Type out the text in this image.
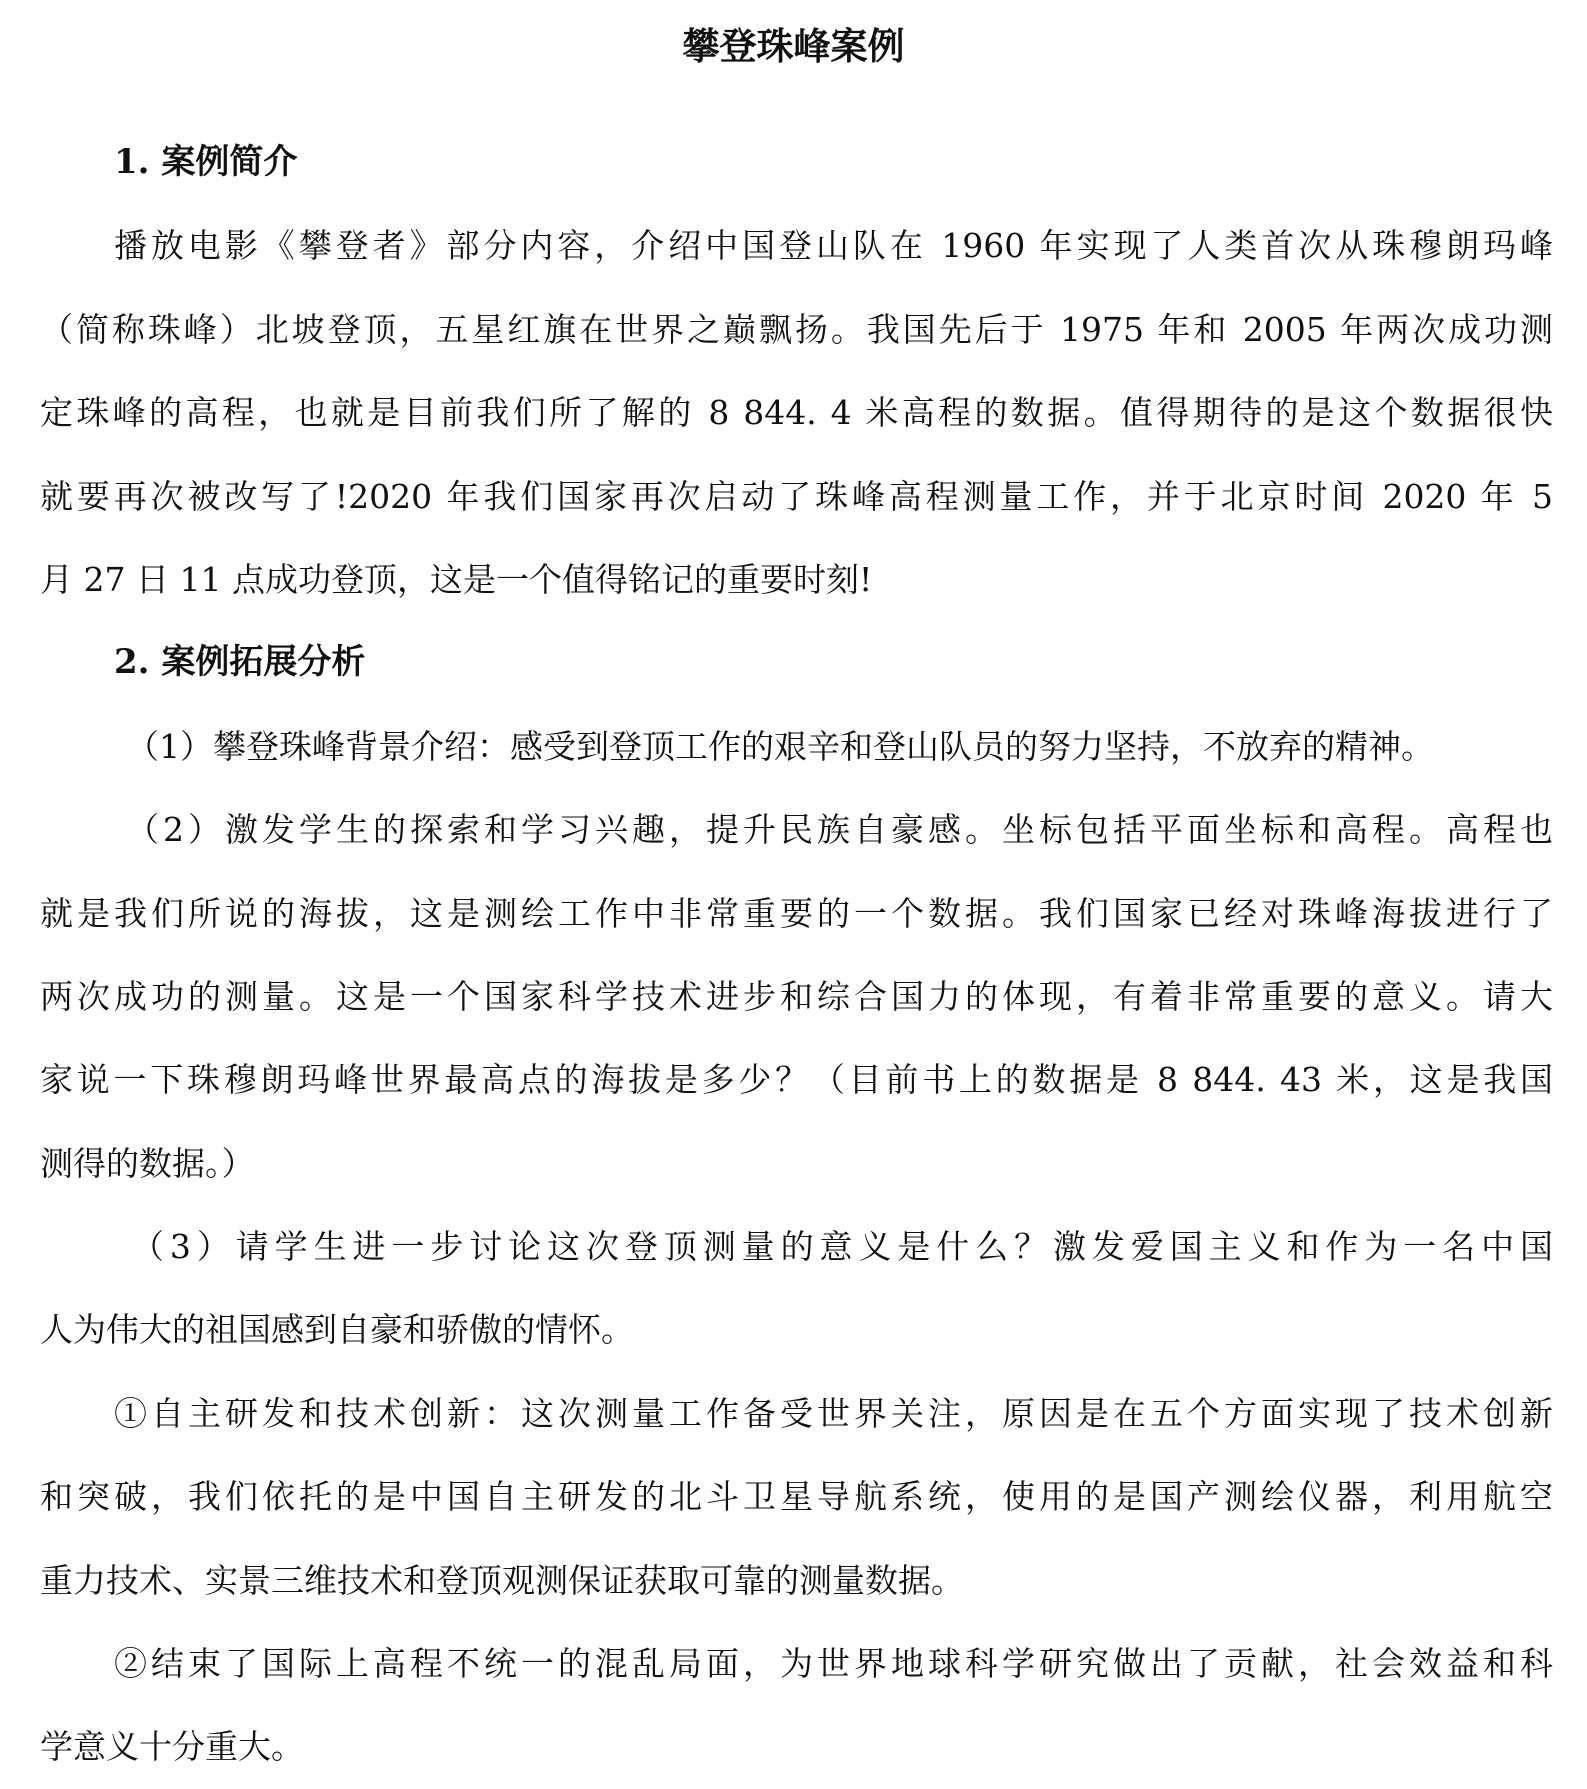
攀登珠峰案例
1. 案例简介
播放电影《攀登者》部分内容，介绍中国登山队在 1960 年实现了人类首次从珠穆朗玛峰
（简称珠峰）北坡登顶，五星红旗在世界之巅飘扬。我国先后于 1975 年和 2005 年两次成功测
定珠峰的高程，也就是目前我们所了解的 8 844. 4 米高程的数据。值得期待的是这个数据很快
就要再次被改写了!2020 年我们国家再次启动了珠峰高程测量工作，并于北京时间 2020 年 5
月 27 日 11 点成功登顶，这是一个值得铭记的重要时刻!
2. 案例拓展分析
（1）攀登珠峰背景介绍：感受到登顶工作的艰辛和登山队员的努力坚持，不放弃的精神。
（2）激发学生的探索和学习兴趣，提升民族自豪感。坐标包括平面坐标和高程。高程也
就是我们所说的海拔，这是测绘工作中非常重要的一个数据。我们国家已经对珠峰海拔进行了
两次成功的测量。这是一个国家科学技术进步和综合国力的体现，有着非常重要的意义。请大
家说一下珠穆朗玛峰世界最高点的海拔是多少？（目前书上的数据是 8 844. 43 米，这是我国
测得的数据。）
（3）请学生进一步讨论这次登顶测量的意义是什么？激发爱国主义和作为一名中国
人为伟大的祖国感到自豪和骄傲的情怀。
①自主研发和技术创新：这次测量工作备受世界关注，原因是在五个方面实现了技术创新
和突破，我们依托的是中国自主研发的北斗卫星导航系统，使用的是国产测绘仪器，利用航空
重力技术、实景三维技术和登顶观测保证获取可靠的测量数据。
②结束了国际上高程不统一的混乱局面，为世界地球科学研究做出了贡献，社会效益和科
学意义十分重大。
